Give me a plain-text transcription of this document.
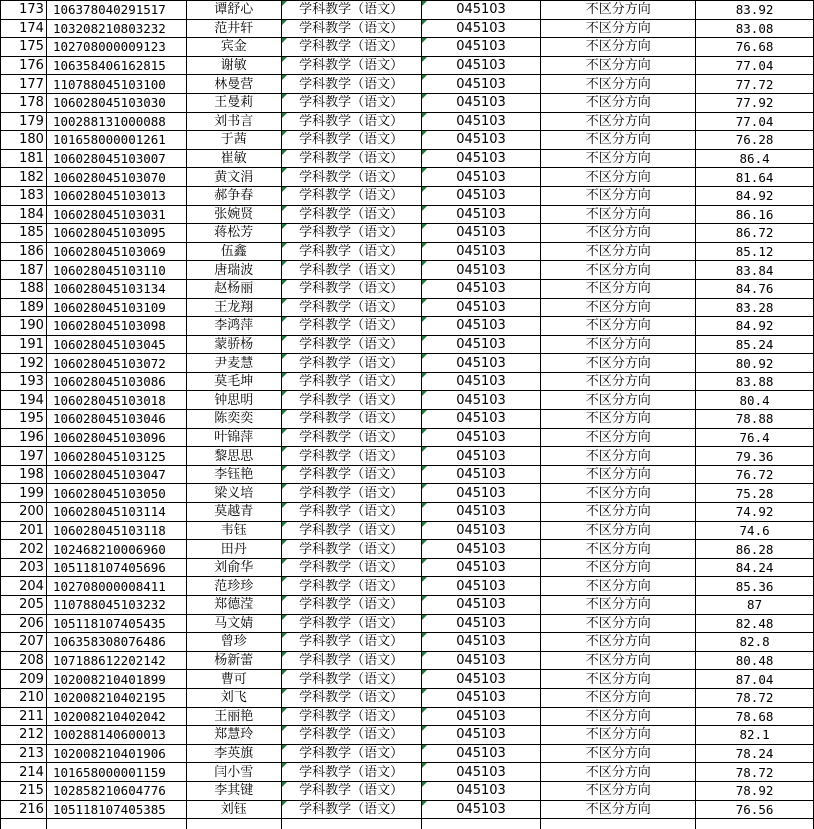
173	106378040291517	谭舒心	学科教学（语文）	045103	不区分方向	83.92
174	103208210803232	范井轩	学科教学（语文）	045103	不区分方向	83.08
175	102708000009123	宾金	学科教学（语文）	045103	不区分方向	76.68
176	106358406162815	谢敏	学科教学（语文）	045103	不区分方向	77.04
177	110788045103100	林曼营	学科教学（语文）	045103	不区分方向	77.72
178	106028045103030	王曼莉	学科教学（语文）	045103	不区分方向	77.92
179	100288131000088	刘书言	学科教学（语文）	045103	不区分方向	77.04
180	101658000001261	于茜	学科教学（语文）	045103	不区分方向	76.28
181	106028045103007	崔敏	学科教学（语文）	045103	不区分方向	86.4
182	106028045103070	黄文涓	学科教学（语文）	045103	不区分方向	81.64
183	106028045103013	郝争春	学科教学（语文）	045103	不区分方向	84.92
184	106028045103031	张婉贤	学科教学（语文）	045103	不区分方向	86.16
185	106028045103095	蒋松芳	学科教学（语文）	045103	不区分方向	86.72
186	106028045103069	伍鑫	学科教学（语文）	045103	不区分方向	85.12
187	106028045103110	唐瑞波	学科教学（语文）	045103	不区分方向	83.84
188	106028045103134	赵杨丽	学科教学（语文）	045103	不区分方向	84.76
189	106028045103109	王龙翔	学科教学（语文）	045103	不区分方向	83.28
190	106028045103098	李鸿萍	学科教学（语文）	045103	不区分方向	84.92
191	106028045103045	蒙骄杨	学科教学（语文）	045103	不区分方向	85.24
192	106028045103072	尹麦慧	学科教学（语文）	045103	不区分方向	80.92
193	106028045103086	莫毛坤	学科教学（语文）	045103	不区分方向	83.88
194	106028045103018	钟思明	学科教学（语文）	045103	不区分方向	80.4
195	106028045103046	陈奕奕	学科教学（语文）	045103	不区分方向	78.88
196	106028045103096	叶锦萍	学科教学（语文）	045103	不区分方向	76.4
197	106028045103125	黎思思	学科教学（语文）	045103	不区分方向	79.36
198	106028045103047	李钰艳	学科教学（语文）	045103	不区分方向	76.72
199	106028045103050	梁义培	学科教学（语文）	045103	不区分方向	75.28
200	106028045103114	莫越青	学科教学（语文）	045103	不区分方向	74.92
201	106028045103118	韦钰	学科教学（语文）	045103	不区分方向	74.6
202	102468210006960	田丹	学科教学（语文）	045103	不区分方向	86.28
203	105118107405696	刘俞华	学科教学（语文）	045103	不区分方向	84.24
204	102708000008411	范珍珍	学科教学（语文）	045103	不区分方向	85.36
205	110788045103232	郑德滢	学科教学（语文）	045103	不区分方向	87
206	105118107405435	马文婧	学科教学（语文）	045103	不区分方向	82.48
207	106358308076486	曾珍	学科教学（语文）	045103	不区分方向	82.8
208	107188612202142	杨新蕾	学科教学（语文）	045103	不区分方向	80.48
209	102008210401899	曹可	学科教学（语文）	045103	不区分方向	87.04
210	102008210402195	刘飞	学科教学（语文）	045103	不区分方向	78.72
211	102008210402042	王丽艳	学科教学（语文）	045103	不区分方向	78.68
212	100288140600013	郑慧玲	学科教学（语文）	045103	不区分方向	82.1
213	102008210401906	李英旗	学科教学（语文）	045103	不区分方向	78.24
214	101658000001159	闫小雪	学科教学（语文）	045103	不区分方向	78.72
215	102858210604776	李其键	学科教学（语文）	045103	不区分方向	78.92
216	105118107405385	刘钰	学科教学（语文）	045103	不区分方向	76.56
